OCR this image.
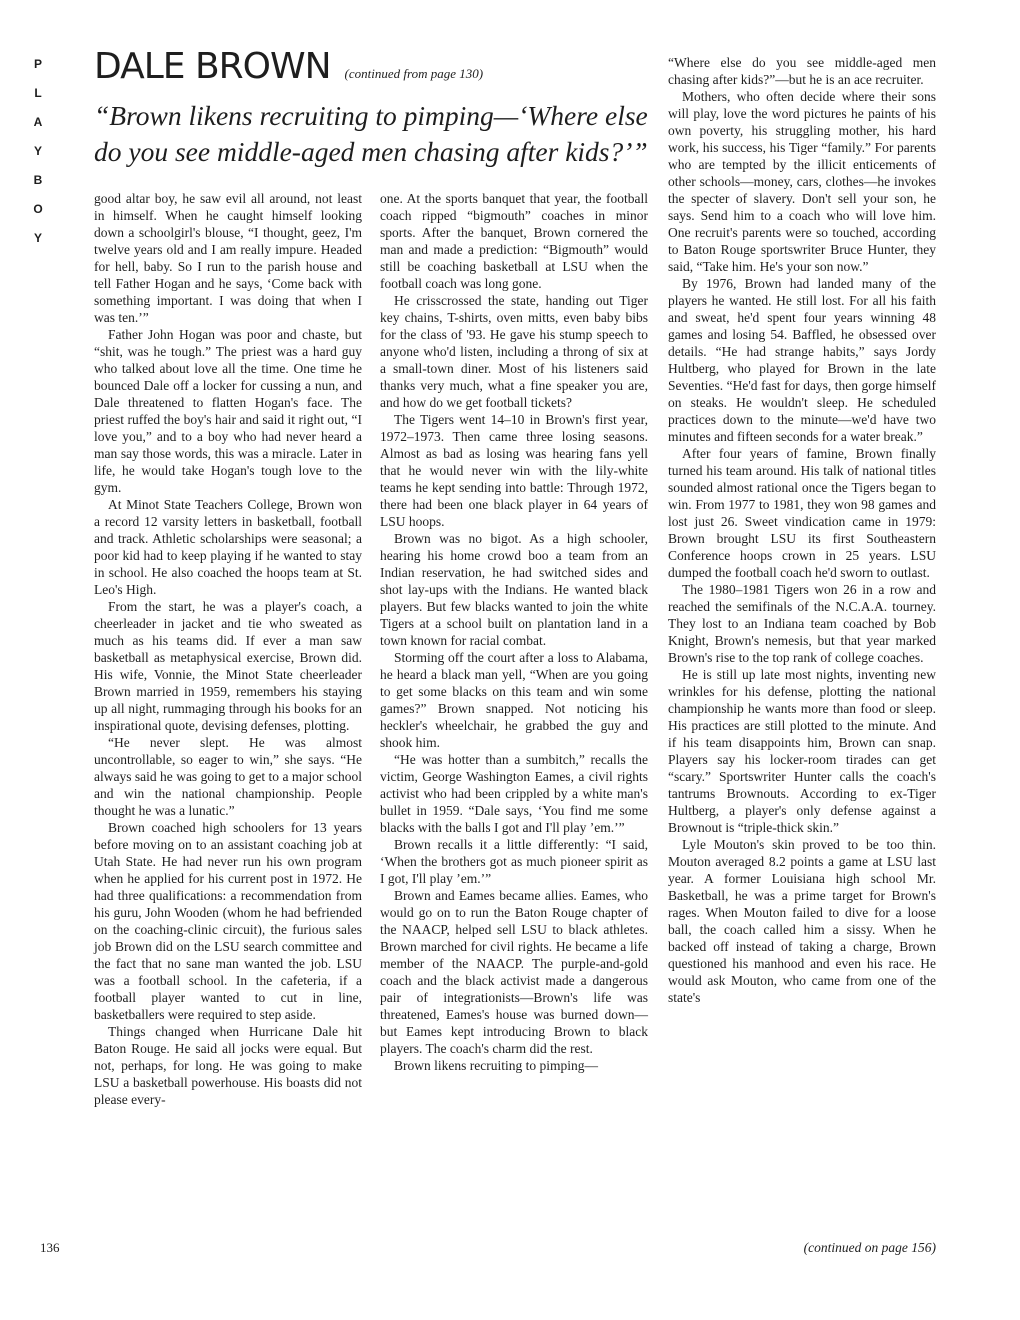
P
L
A
Y
B
O
Y
DALE BROWN (continued from page 130)
“Brown likens recruiting to pimping—‘Where else do you see middle-aged men chasing after kids?’”

good altar boy, he saw evil all around, not least in himself. When he caught himself looking down a schoolgirl's blouse, “I thought, geez, I'm twelve years old and I am really impure. Headed for hell, baby. So I run to the parish house and tell Father Hogan and he says, ‘Come back with something important. I was doing that when I was ten.’”

Father John Hogan was poor and chaste, but “shit, was he tough.” The priest was a hard guy who talked about love all the time. One time he bounced Dale off a locker for cussing a nun, and Dale threatened to flatten Hogan's face. The priest ruffed the boy's hair and said it right out, “I love you,” and to a boy who had never heard a man say those words, this was a miracle. Later in life, he would take Hogan's tough love to the gym.

At Minot State Teachers College, Brown won a record 12 varsity letters in basketball, football and track. Athletic scholarships were seasonal; a poor kid had to keep playing if he wanted to stay in school. He also coached the hoops team at St. Leo's High.

From the start, he was a player's coach, a cheerleader in jacket and tie who sweated as much as his teams did. If ever a man saw basketball as metaphysical exercise, Brown did. His wife, Vonnie, the Minot State cheerleader Brown married in 1959, remembers his staying up all night, rummaging through his books for an inspirational quote, devising defenses, plotting.

“He never slept. He was almost uncontrollable, so eager to win,” she says. “He always said he was going to get to a major school and win the national championship. People thought he was a lunatic.”

Brown coached high schoolers for 13 years before moving on to an assistant coaching job at Utah State. He had never run his own program when he applied for his current post in 1972. He had three qualifications: a recommendation from his guru, John Wooden (whom he had befriended on the coaching-clinic circuit), the furious sales job Brown did on the LSU search committee and the fact that no sane man wanted the job. LSU was a football school. In the cafeteria, if a football player wanted to cut in line, basketballers were required to step aside.

Things changed when Hurricane Dale hit Baton Rouge. He said all jocks were equal. But not, perhaps, for long. He was going to make LSU a basketball powerhouse. His boasts did not please every-

one. At the sports banquet that year, the football coach ripped “bigmouth” coaches in minor sports. After the banquet, Brown cornered the man and made a prediction: “Bigmouth” would still be coaching basketball at LSU when the football coach was long gone.

He crisscrossed the state, handing out Tiger key chains, T-shirts, oven mitts, even baby bibs for the class of '93. He gave his stump speech to anyone who'd listen, including a throng of six at a small-town diner. Most of his listeners said thanks very much, what a fine speaker you are, and how do we get football tickets?

The Tigers went 14–10 in Brown's first year, 1972–1973. Then came three losing seasons. Almost as bad as losing was hearing fans yell that he would never win with the lily-white teams he kept sending into battle: Through 1972, there had been one black player in 64 years of LSU hoops.

Brown was no bigot. As a high schooler, hearing his home crowd boo a team from an Indian reservation, he had switched sides and shot lay-ups with the Indians. He wanted black players. But few blacks wanted to join the white Tigers at a school built on plantation land in a town known for racial combat.

Storming off the court after a loss to Alabama, he heard a black man yell, “When are you going to get some blacks on this team and win some games?” Brown snapped. Not noticing his heckler's wheelchair, he grabbed the guy and shook him.

“He was hotter than a sumbitch,” recalls the victim, George Washington Eames, a civil rights activist who had been crippled by a white man's bullet in 1959. “Dale says, ‘You find me some blacks with the balls I got and I'll play ’em.’”

Brown recalls it a little differently: “I said, ‘When the brothers got as much pioneer spirit as I got, I'll play ’em.’”

Brown and Eames became allies. Eames, who would go on to run the Baton Rouge chapter of the NAACP, helped sell LSU to black athletes. Brown marched for civil rights. He became a life member of the NAACP. The purple-and-gold coach and the black activist made a dangerous pair of integrationists—Brown's life was threatened, Eames's house was burned down—but Eames kept introducing Brown to black players. The coach's charm did the rest.

Brown likens recruiting to pimping—

“Where else do you see middle-aged men chasing after kids?”—but he is an ace recruiter.

Mothers, who often decide where their sons will play, love the word pictures he paints of his own poverty, his struggling mother, his hard work, his success, his Tiger “family.” For parents who are tempted by the illicit enticements of other schools—money, cars, clothes—he invokes the specter of slavery. Don't sell your son, he says. Send him to a coach who will love him. One recruit's parents were so touched, according to Baton Rouge sportswriter Bruce Hunter, they said, “Take him. He's your son now.”

By 1976, Brown had landed many of the players he wanted. He still lost. For all his faith and sweat, he'd spent four years winning 48 games and losing 54. Baffled, he obsessed over details. “He had strange habits,” says Jordy Hultberg, who played for Brown in the late Seventies. “He'd fast for days, then gorge himself on steaks. He wouldn't sleep. He scheduled practices down to the minute—we'd have two minutes and fifteen seconds for a water break.”

After four years of famine, Brown finally turned his team around. His talk of national titles sounded almost rational once the Tigers began to win. From 1977 to 1981, they won 98 games and lost just 26. Sweet vindication came in 1979: Brown brought LSU its first Southeastern Conference hoops crown in 25 years. LSU dumped the football coach he'd sworn to outlast.

The 1980–1981 Tigers won 26 in a row and reached the semifinals of the N.C.A.A. tourney. They lost to an Indiana team coached by Bob Knight, Brown's nemesis, but that year marked Brown's rise to the top rank of college coaches.

He is still up late most nights, inventing new wrinkles for his defense, plotting the national championship he wants more than food or sleep. His practices are still plotted to the minute. And if his team disappoints him, Brown can snap. Players say his locker-room tirades can get “scary.” Sportswriter Hunter calls the coach's tantrums Brownouts. According to ex-Tiger Hultberg, a player's only defense against a Brownout is “triple-thick skin.”

Lyle Mouton's skin proved to be too thin. Mouton averaged 8.2 points a game at LSU last year. A former Louisiana high school Mr. Basketball, he was a prime target for Brown's rages. When Mouton failed to dive for a loose ball, the coach called him a sissy. When he backed off instead of taking a charge, Brown questioned his manhood and even his race. He would ask Mouton, who came from one of the state's

136	(continued on page 156)
